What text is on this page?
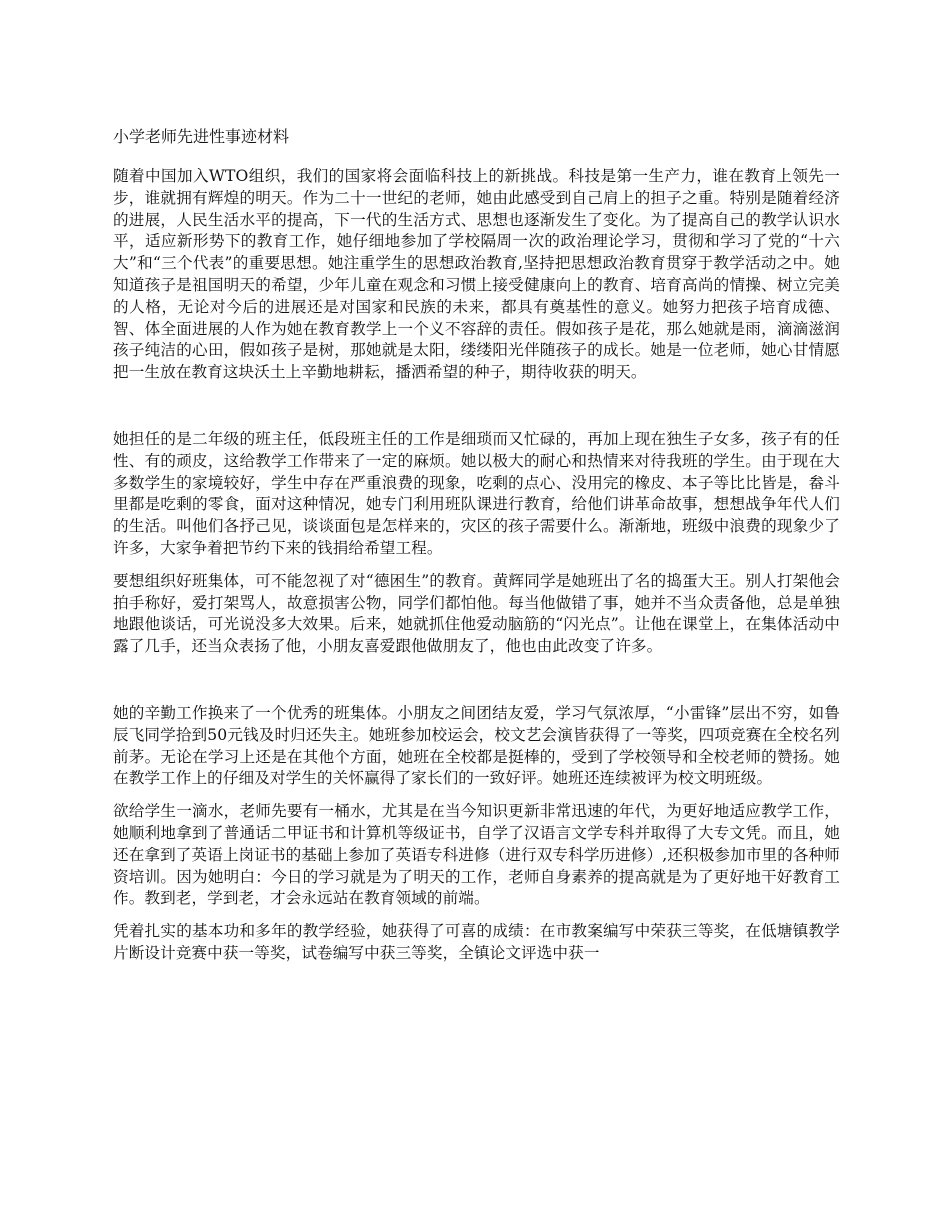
小学老师先进性事迹材料

随着中国加入WTO组织，我们的国家将会面临科技上的新挑战。科技是第一生产力，谁在教育上领先一步，谁就拥有辉煌的明天。作为二十一世纪的老师，她由此感受到自己肩上的担子之重。特别是随着经济的进展，人民生活水平的提高，下一代的生活方式、思想也逐渐发生了变化。为了提高自己的教学认识水平，适应新形势下的教育工作，她仔细地参加了学校隔周一次的政治理论学习，贯彻和学习了党的“十六大”和“三个代表”的重要思想。她注重学生的思想政治教育,坚持把思想政治教育贯穿于教学活动之中。她知道孩子是祖国明天的希望，少年儿童在观念和习惯上接受健康向上的教育、培育高尚的情操、树立完美的人格，无论对今后的进展还是对国家和民族的未来，都具有奠基性的意义。她努力把孩子培育成德、智、体全面进展的人作为她在教育教学上一个义不容辞的责任。假如孩子是花，那么她就是雨，滴滴滋润孩子纯洁的心田，假如孩子是树，那她就是太阳，缕缕阳光伴随孩子的成长。她是一位老师，她心甘情愿把一生放在教育这块沃土上辛勤地耕耘，播洒希望的种子，期待收获的明天。

她担任的是二年级的班主任，低段班主任的工作是细琐而又忙碌的，再加上现在独生子女多，孩子有的任性、有的顽皮，这给教学工作带来了一定的麻烦。她以极大的耐心和热情来对待我班的学生。由于现在大多数学生的家境较好，学生中存在严重浪费的现象，吃剩的点心、没用完的橡皮、本子等比比皆是，畚斗里都是吃剩的零食，面对这种情况，她专门利用班队课进行教育，给他们讲革命故事，想想战争年代人们的生活。叫他们各抒己见，谈谈面包是怎样来的，灾区的孩子需要什么。渐渐地，班级中浪费的现象少了许多，大家争着把节约下来的钱捐给希望工程。

要想组织好班集体，可不能忽视了对“德困生”的教育。黄辉同学是她班出了名的捣蛋大王。别人打架他会拍手称好，爱打架骂人，故意损害公物，同学们都怕他。每当他做错了事，她并不当众责备他，总是单独地跟他谈话，可光说没多大效果。后来，她就抓住他爱动脑筋的“闪光点”。让他在课堂上，在集体活动中露了几手，还当众表扬了他，小朋友喜爱跟他做朋友了，他也由此改变了许多。

她的辛勤工作换来了一个优秀的班集体。小朋友之间团结友爱，学习气氛浓厚，“小雷锋”层出不穷，如鲁辰飞同学拾到50元钱及时归还失主。她班参加校运会，校文艺会演皆获得了一等奖，四项竞赛在全校名列前茅。无论在学习上还是在其他个方面，她班在全校都是挺棒的，受到了学校领导和全校老师的赞扬。她在教学工作上的仔细及对学生的关怀赢得了家长们的一致好评。她班还连续被评为校文明班级。

欲给学生一滴水，老师先要有一桶水，尤其是在当今知识更新非常迅速的年代，为更好地适应教学工作，她顺利地拿到了普通话二甲证书和计算机等级证书，自学了汉语言文学专科并取得了大专文凭。而且，她还在拿到了英语上岗证书的基础上参加了英语专科进修（进行双专科学历进修）,还积极参加市里的各种师资培训。因为她明白：今日的学习就是为了明天的工作，老师自身素养的提高就是为了更好地干好教育工作。教到老，学到老，才会永远站在教育领域的前端。

凭着扎实的基本功和多年的教学经验，她获得了可喜的成绩：在市教案编写中荣获三等奖，在低塘镇教学片断设计竞赛中获一等奖，试卷编写中获三等奖，全镇论文评选中获一
